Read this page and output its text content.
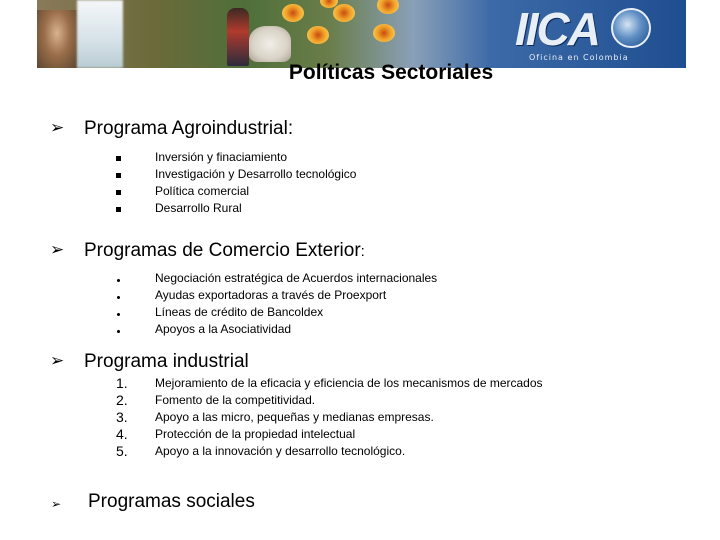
IICA
Oficina en Colombia
Políticas Sectoriales
➢ Programa Agroindustrial:
Inversión y finaciamiento
Investigación y Desarrollo tecnológico
Política comercial
Desarrollo Rural
➢ Programas de Comercio Exterior:
Negociación estratégica de Acuerdos internacionales
Ayudas exportadoras a través de Proexport
Líneas de crédito de Bancoldex
Apoyos a la Asociatividad
➢ Programa industrial
1.	Mejoramiento de la eficacia y eficiencia de los mecanismos de mercados
2.	Fomento de la competitividad.
3.	Apoyo a las micro, pequeñas y medianas empresas.
4.	Protección de la propiedad intelectual
5.	Apoyo a la innovación y desarrollo tecnológico.
➢ Programas sociales
